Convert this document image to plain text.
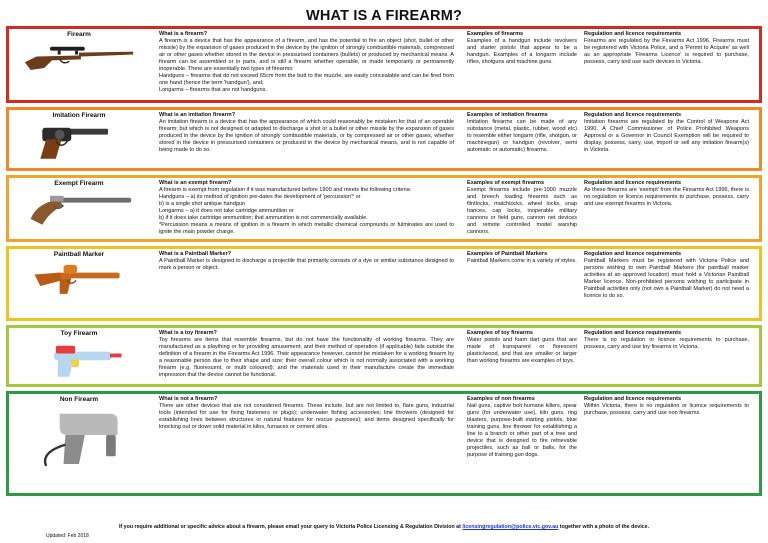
WHAT IS A FIREARM?
Firearm	What is a firearm?
A firearm is a device that has the appearance of a firearm, and has the potential to fire an object (shot, bullet or other missile) by the expansion of gases produced in the device by the ignition of strongly combustible materials, compressed air or other gases whether stored in the device in pressurised containers (bullets) or produced by mechanical means. A firearm can be assembled or in parts, and is still a firearm whether operable, or made temporarily or permanently inoperable. There are essentially two types of firearms:
Handguns – firearms that do not exceed 65cm from the butt to the muzzle, are easily concealable and can be fired from one hand (hence the term 'handgun'), and,
Longarms – firearms that are not handguns.
Examples of firearms
Examples of a handgun include revolvers and starter pistols that appear to be a handgun. Examples of a longarm include rifles, shotguns and machine guns.
Regulation and licence requirements
Firearms are regulated by the Firearms Act 1996. Firearms must be registered with Victoria Police, and a 'Permit to Acquire' as well as an appropriate 'Firearms Licence' is required to purchase, possess, carry and use such devices in Victoria.
Imitation Firearm	What is an imitation firearm?
An imitation firearm is a device that has the appearance of which could reasonably be mistaken for that of an operable firearm; but which is not designed or adapted to discharge a shot or a bullet or other missile by the expansion of gases produced in the device by the ignition of strongly combustible materials, or by compressed air or other gases, whether stored in the device in pressurised containers or produced in the device by mechanical means, and is not capable of being made to do so.
Examples of imitation firearms
Imitation firearms can be made of any substance (metal, plastic, rubber, wood etc) to resemble either longarm (rifle, shotgun, or machinegun) or handgun (revolver, semi automatic or automatic) firearms.
Regulation and licence requirements
Imitation firearms are regulated by the Control of Weapons Act 1990. A Chief Commissioner of Police Prohibited Weapons Approval or a Governor in Council Exemption will be required to display, possess, carry, use, import or sell any imitation firearm(s) in Victoria.
Exempt Firearm	What is an exempt firearm?
A firearm is exempt from regulation if it was manufactured before 1900 and meets the following criteria:
Handguns – a) its method of ignition pre-dates the development of 'percussion'* or
b) is a single shot antique handgun
Longarms – a) it does not take cartridge ammunition or
b) if it does take cartridge ammunition; that ammunition is not commercially available.
*Percussion means a means of ignition in a firearm in which metallic chemical compounds or fulminates are used to ignite the main powder charge.
Examples of exempt firearms
Exempt firearms include pre-1900 muzzle and breech loading firearms such as flintlocks, matchlocks, wheel locks, snap hances, cap locks, inoperable military cannons or field guns, cannon net devices and remote controlled model warship cannons.
Regulation and licence requirements
As these firearms are 'exempt' from the Firearms Act 1996, there is no regulation or licence requirements to purchase, possess, carry and use exempt firearms in Victoria.
Paintball Marker	What is a Paintball Marker?
A Paintball Marker is designed to discharge a projectile that primarily consists of a dye or similar substance designed to mark a person or object.
Examples of Paintball Markers
Paintball Markers come in a variety of styles.
Regulation and licence requirements
Paintball Markers must be registered with Victoria Police and persons wishing to own Paintball Markers (for paintball marker activities at an approved location) must hold a Victorian Paintball Marker licence. Non-prohibited persons wishing to participate in Paintball activities only (not own a Paintball Marker) do not need a licence to do so.
Toy Firearm	What is a toy firearm?
Toy firearms are items that resemble firearms, but do not have the functionality of working firearms. They are manufactured as a plaything or for providing amusement; and their method of operation (if applicable) fails outside the definition of a firearm in the Firearms Act 1996. Their appearance however, cannot be mistaken for a working firearm by a reasonable person due to their shape and size; their overall colour which is not normally associated with a working firearm (e.g. fluorescent, or multi coloured); and the materials used in their manufacture create the immediate impression that the device cannot be functional.
Examples of toy firearms
Water pistols and foam dart guns that are made of transparent or florescent plastic/wood, and that are smaller or larger than working firearms are examples of toys.
Regulation and licence requirements
There is no regulation or licence requirements to purchase, possess, carry and use toy firearms in Victoria.
Non Firearm	What is not a firearm?
There are other devices that are not considered firearms. These include, but are not limited to, flare guns, industrial tools (intended for use for fixing fasteners or plugs); underwater fishing accessories; line throwers (designed for establishing lines between structures or natural features for rescue purposes); and items designed specifically for knocking out or down solid material in kilns, furnaces or cement silos.
Examples of non firearms
Nail guns, captive bolt humane killers, spear guns (for underwater use), kiln guns, ring blasters, purpose-built starting pistols, blue training guns, line thrower for establishing a line to a branch or other part of a tree and device that is designed to fire retrievable projectiles, such as ball or balls, for the purpose of training gun dogs.
Regulation and licence requirements
Within Victoria, there is no regulation or licence requirements to purchase, possess, carry and use non firearms.
If you require additional or specific advice about a firearm, please email your query to Victoria Police Licensing & Regulation Division at licensingregulation@police.vic.gov.au together with a photo of the device.
Updated: Feb 2018
